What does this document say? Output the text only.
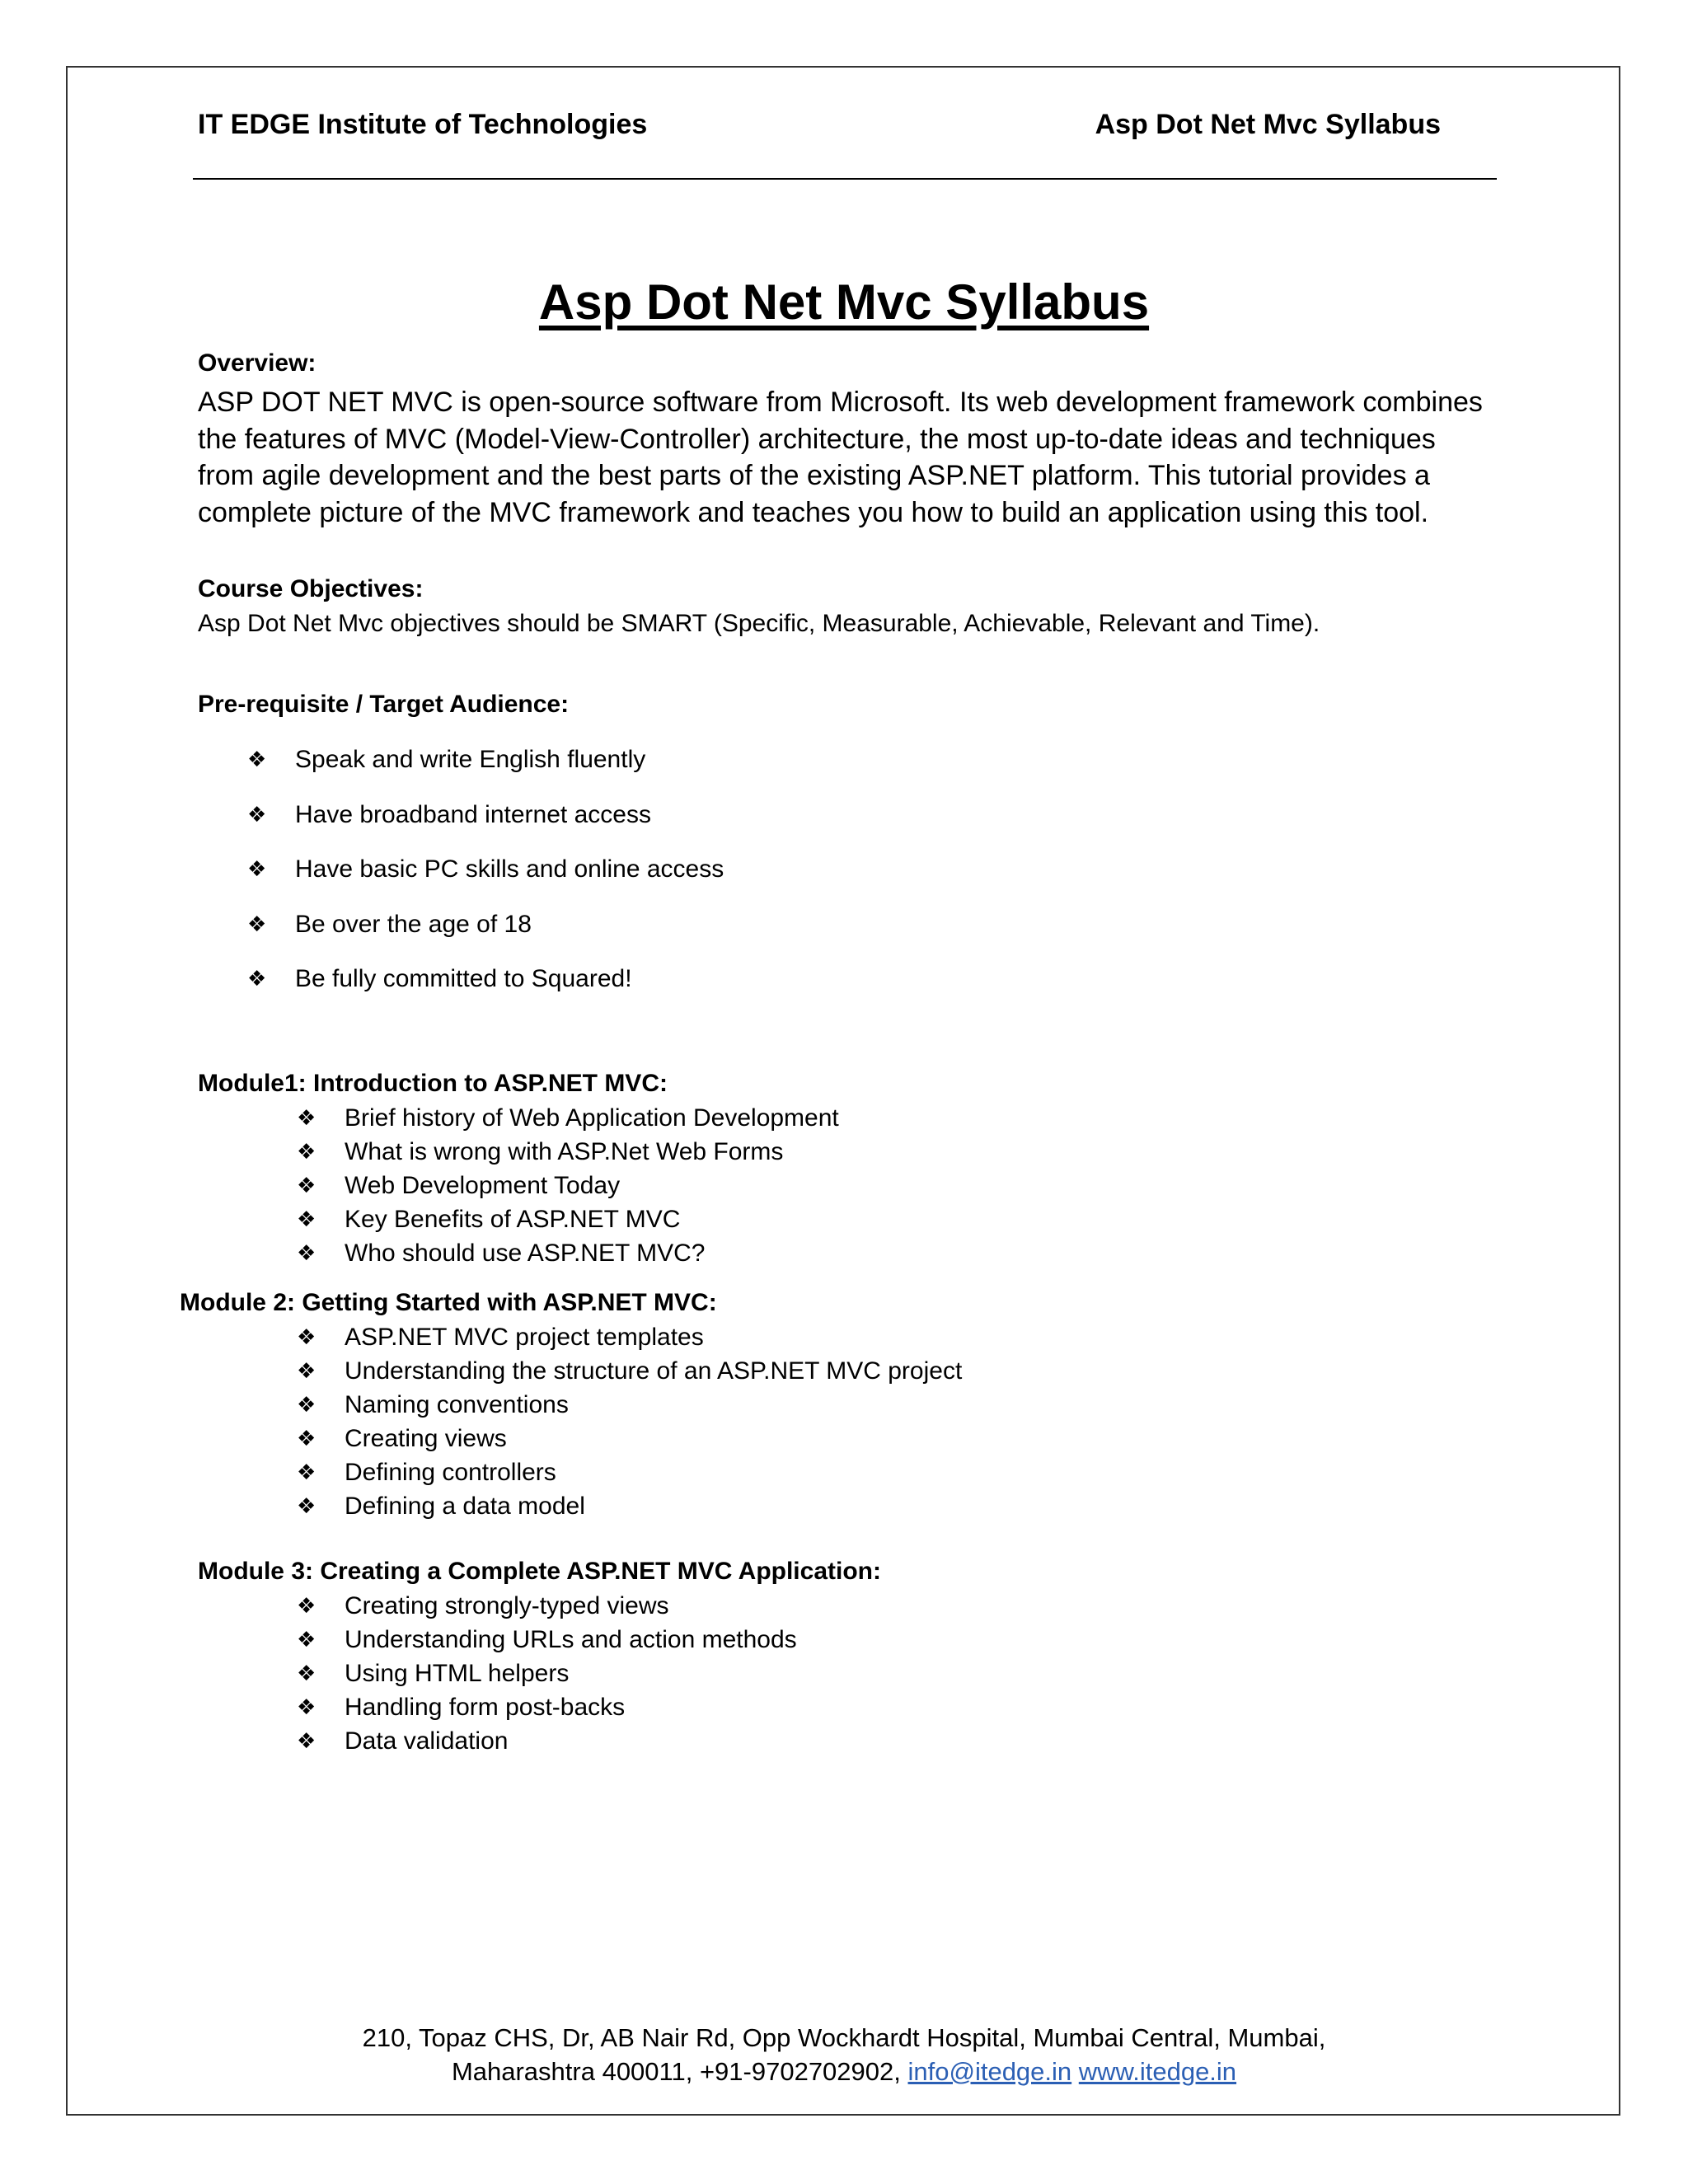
IT EDGE Institute of Technologies	Asp Dot Net Mvc Syllabus
Asp Dot Net Mvc Syllabus
Overview:
ASP DOT NET MVC is open-source software from Microsoft. Its web development framework combines
the features of MVC (Model-View-Controller) architecture, the most up-to-date ideas and techniques
from agile development and the best parts of the existing ASP.NET platform. This tutorial provides a
complete picture of the MVC framework and teaches you how to build an application using this tool.
Course Objectives:
Asp Dot Net Mvc objectives should be SMART (Specific, Measurable, Achievable, Relevant and Time).
Pre-requisite / Target Audience:
❖ Speak and write English fluently
❖ Have broadband internet access
❖ Have basic PC skills and online access
❖ Be over the age of 18
❖ Be fully committed to Squared!
Module1: Introduction to ASP.NET MVC:
❖ Brief history of Web Application Development
❖ What is wrong with ASP.Net Web Forms
❖ Web Development Today
❖ Key Benefits of ASP.NET MVC
❖ Who should use ASP.NET MVC?
Module 2: Getting Started with ASP.NET MVC:
❖ ASP.NET MVC project templates
❖ Understanding the structure of an ASP.NET MVC project
❖ Naming conventions
❖ Creating views
❖ Defining controllers
❖ Defining a data model
Module 3: Creating a Complete ASP.NET MVC Application:
❖ Creating strongly-typed views
❖ Understanding URLs and action methods
❖ Using HTML helpers
❖ Handling form post-backs
❖ Data validation
210, Topaz CHS, Dr, AB Nair Rd, Opp Wockhardt Hospital, Mumbai Central, Mumbai,
Maharashtra 400011, +91-9702702902, info@itedge.in www.itedge.in
